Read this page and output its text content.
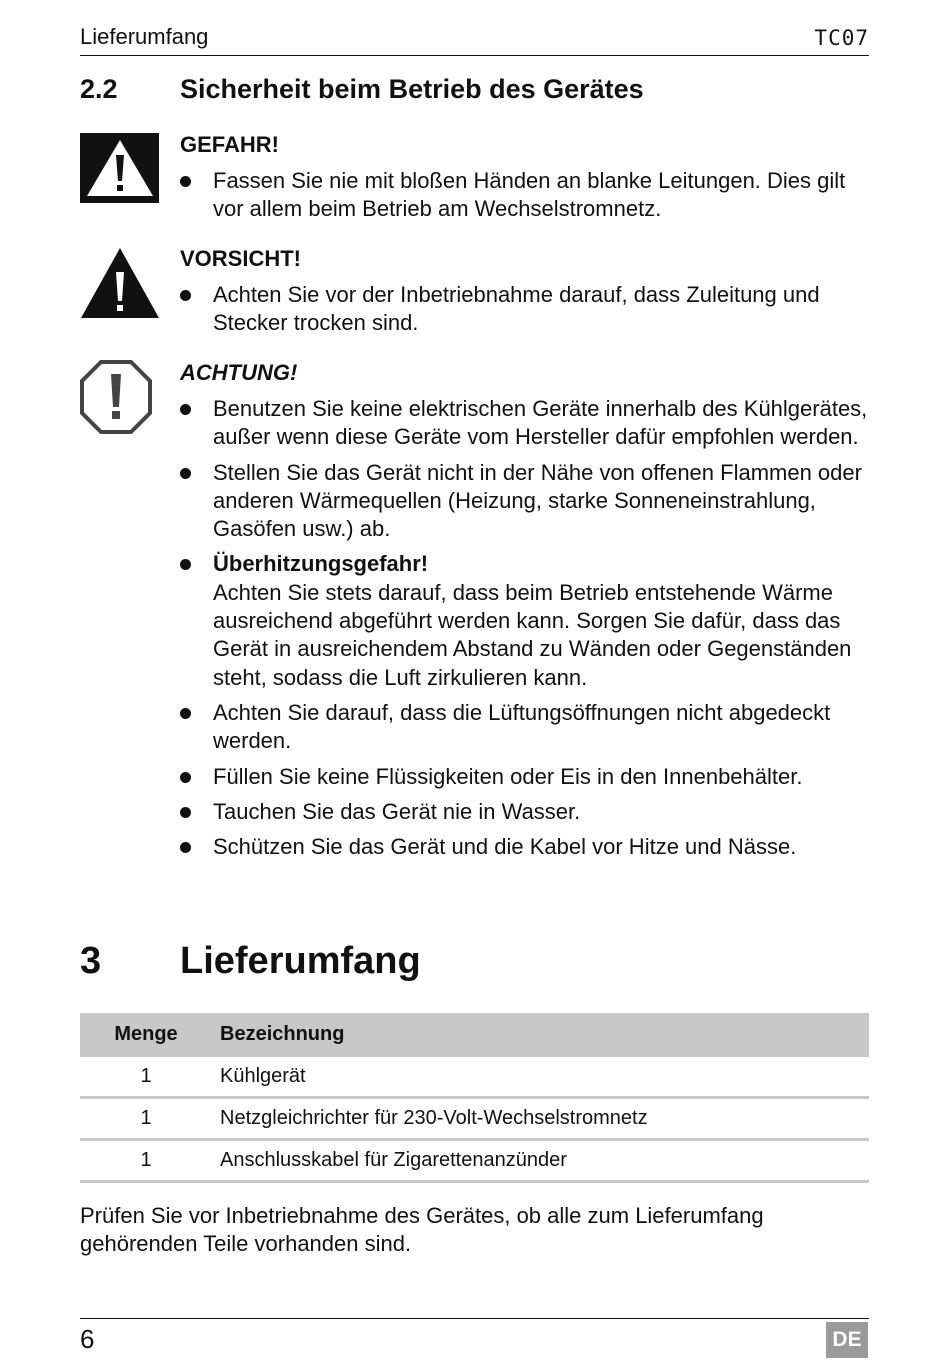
Lieferumfang	TC07
2.2 Sicherheit beim Betrieb des Gerätes
GEFAHR!
Fassen Sie nie mit bloßen Händen an blanke Leitungen. Dies gilt vor allem beim Betrieb am Wechselstromnetz.
VORSICHT!
Achten Sie vor der Inbetriebnahme darauf, dass Zuleitung und Stecker trocken sind.
ACHTUNG!
Benutzen Sie keine elektrischen Geräte innerhalb des Kühlgerätes, außer wenn diese Geräte vom Hersteller dafür empfohlen werden.
Stellen Sie das Gerät nicht in der Nähe von offenen Flammen oder anderen Wärmequellen (Heizung, starke Sonneneinstrahlung, Gasöfen usw.) ab.
Überhitzungsgefahr!
Achten Sie stets darauf, dass beim Betrieb entstehende Wärme ausreichend abgeführt werden kann. Sorgen Sie dafür, dass das Gerät in ausreichendem Abstand zu Wänden oder Gegenständen steht, sodass die Luft zirkulieren kann.
Achten Sie darauf, dass die Lüftungsöffnungen nicht abgedeckt werden.
Füllen Sie keine Flüssigkeiten oder Eis in den Innenbehälter.
Tauchen Sie das Gerät nie in Wasser.
Schützen Sie das Gerät und die Kabel vor Hitze und Nässe.
3 Lieferumfang
Menge	Bezeichnung
1	Kühlgerät
1	Netzgleichrichter für 230-Volt-Wechselstromnetz
1	Anschlusskabel für Zigarettenanzünder

Prüfen Sie vor Inbetriebnahme des Gerätes, ob alle zum Lieferumfang gehörenden Teile vorhanden sind.

6	DE
